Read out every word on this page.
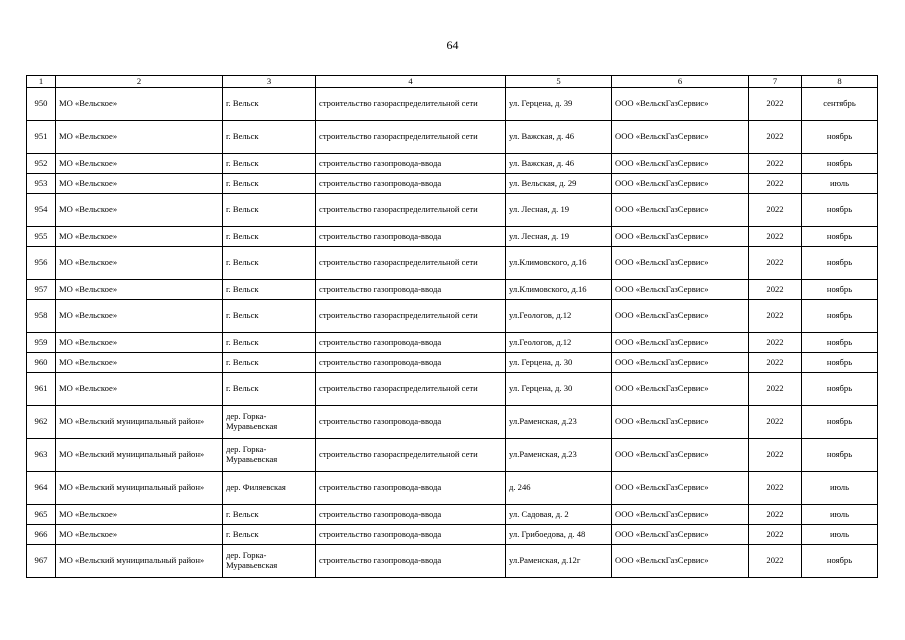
64
1	2	3	4	5	6	7	8
950	МО «Вельское»	г. Вельск	строительство газораспределительной сети	ул. Герцена, д. 39	ООО «ВельскГазСервис»	2022	сентябрь
951	МО «Вельское»	г. Вельск	строительство газораспределительной сети	ул. Важская, д. 46	ООО «ВельскГазСервис»	2022	ноябрь
952	МО «Вельское»	г. Вельск	строительство газопровода-ввода	ул. Важская, д. 46	ООО «ВельскГазСервис»	2022	ноябрь
953	МО «Вельское»	г. Вельск	строительство газопровода-ввода	ул. Вельская, д. 29	ООО «ВельскГазСервис»	2022	июль
954	МО «Вельское»	г. Вельск	строительство газораспределительной сети	ул. Лесная, д. 19	ООО «ВельскГазСервис»	2022	ноябрь
955	МО «Вельское»	г. Вельск	строительство газопровода-ввода	ул. Лесная, д. 19	ООО «ВельскГазСервис»	2022	ноябрь
956	МО «Вельское»	г. Вельск	строительство газораспределительной сети	ул.Климовского, д.16	ООО «ВельскГазСервис»	2022	ноябрь
957	МО «Вельское»	г. Вельск	строительство газопровода-ввода	ул.Климовского, д.16	ООО «ВельскГазСервис»	2022	ноябрь
958	МО «Вельское»	г. Вельск	строительство газораспределительной сети	ул.Геологов, д.12	ООО «ВельскГазСервис»	2022	ноябрь
959	МО «Вельское»	г. Вельск	строительство газопровода-ввода	ул.Геологов, д.12	ООО «ВельскГазСервис»	2022	ноябрь
960	МО «Вельское»	г. Вельск	строительство газопровода-ввода	ул. Герцена, д. 30	ООО «ВельскГазСервис»	2022	ноябрь
961	МО «Вельское»	г. Вельск	строительство газораспределительной сети	ул. Герцена, д. 30	ООО «ВельскГазСервис»	2022	ноябрь
962	МО «Вельский муниципальный район»	дер. Горка-Муравьевская	строительство газопровода-ввода	ул.Раменская, д.23	ООО «ВельскГазСервис»	2022	ноябрь
963	МО «Вельский муниципальный район»	дер. Горка-Муравьевская	строительство газораспределительной сети	ул.Раменская, д.23	ООО «ВельскГазСервис»	2022	ноябрь
964	МО «Вельский муниципальный район»	дер. Филяевская	строительство газопровода-ввода	д. 246	ООО «ВельскГазСервис»	2022	июль
965	МО «Вельское»	г. Вельск	строительство газопровода-ввода	ул. Садовая, д. 2	ООО «ВельскГазСервис»	2022	июль
966	МО «Вельское»	г. Вельск	строительство газопровода-ввода	ул. Грибоедова, д. 48	ООО «ВельскГазСервис»	2022	июль
967	МО «Вельский муниципальный район»	дер. Горка-Муравьевская	строительство газопровода-ввода	ул.Раменская, д.12г	ООО «ВельскГазСервис»	2022	ноябрь
